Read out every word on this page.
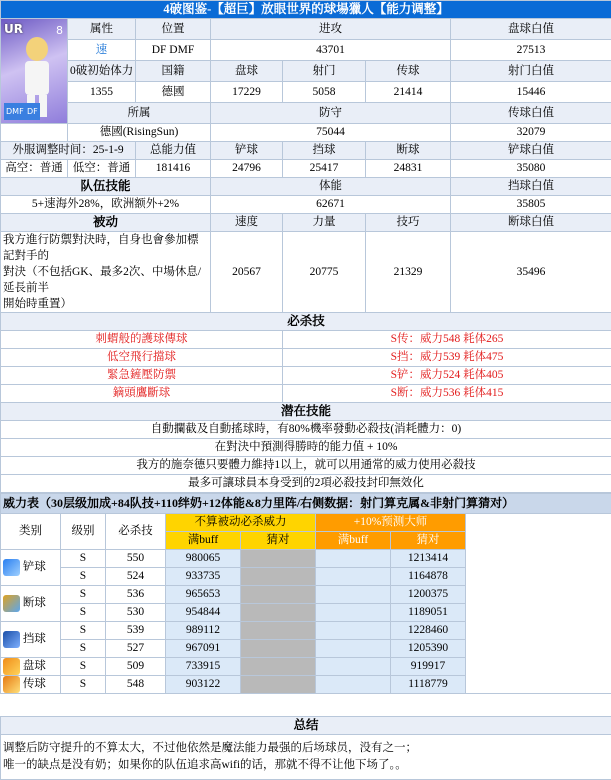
4破图鉴-【超巨】放眼世界的球場獵人【能力调整】						

UR 8
DMF DF	属性	位置	进攻			盘球白值
	速	DF DMF	43701			27513
	0破初始体力	国籍	盘球	射门	传球	射门白值
	1355	德國	17229	5058	21414	15446
	所属		防守			传球白值
	德國(RisingSun)		75044			32079
外服调整时间：25-1-9		总能力值	铲球	挡球	断球	铲球白值
高空：普通	低空：普通	181416	24796	25417	24831	35080
队伍技能			体能			挡球白值
5+速海外28%，欧洲额外+2%			62671			35805
被动			速度	力量	技巧	断球白值

我方進行防禦對決時，自身也會參加標記對手的
對決（不包括GK、最多2次、中場休息/延長前半
開始時重置）			20567	20775	21329	35496
必杀技						
刺蝟般的護球傳球				S传：威力548 耗体265		
低空飛行擋球				S挡：威力539 耗体475		
緊急鏟壓防禦				S铲：威力524 耗体405		
鏑頭鷹斷球				S断：威力536 耗体415		
潜在技能						
自動攔截及自動搖球時，有80%機率發動必殺技(消耗體力：0)						
在對決中預測得勝時的能力值 + 10%						
我方的施奈德只要體力維持1以上，就可以用通常的威力使用必殺技						
最多可讓球員本身受到的2項必殺技封印無效化						
威力表（30层级加成+84队技+110绊奶+12体能&8力里阵/右侧数据：射门算克属&非射门算猜对）							
类别	级别	必杀技	不算被动必杀威力		+10%预测大师		
			满buff	猜对	满buff	猜对	
铲球	S	550	980065			1213414	
	S	524	933735			1164878	
断球	S	536	965653			1200375	
	S	530	954844			1189051	
挡球	S	539	989112			1228460	
	S	527	967091			1205390	
盘球	S	509	733915			919917	
传球	S	548	903122			1118779	

总结							

调整后防守提升的不算太大，不过他依然是魔法能力最强的后场球员，没有之一；
唯一的缺点是没有奶；如果你的队伍追求高wifi的话，那就不得不让他下场了。。							
